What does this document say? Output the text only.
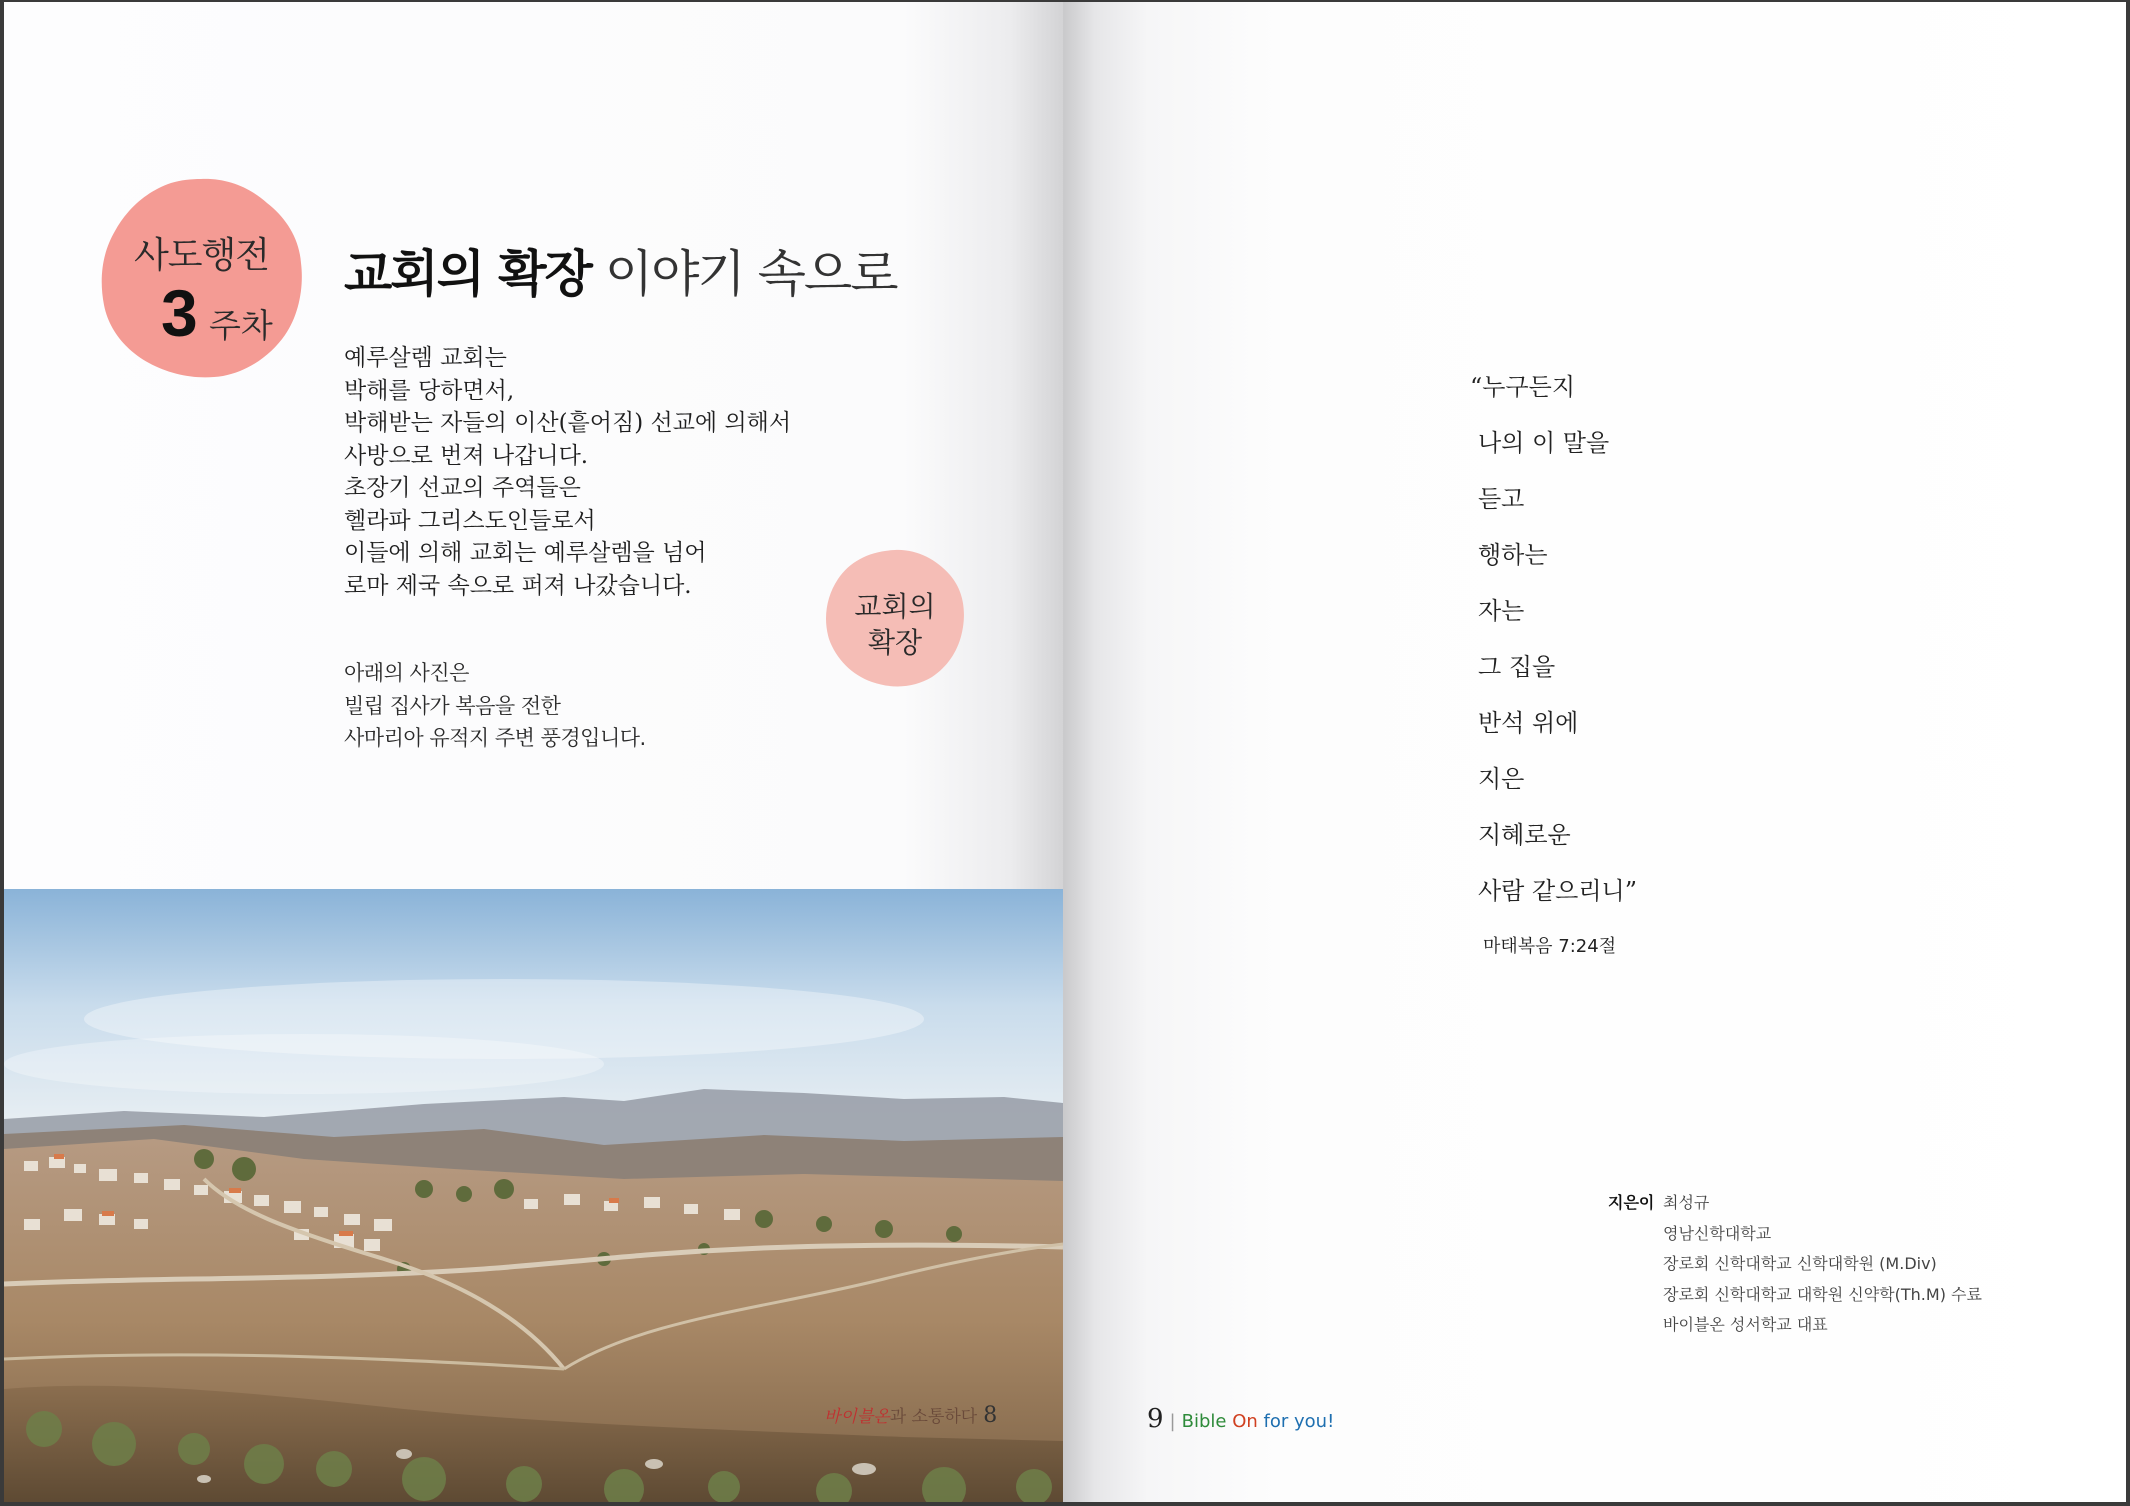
사도행전
3 주차
교회의 확장 이야기 속으로
예루살렘 교회는
박해를 당하면서,
박해받는 자들의 이산(흩어짐) 선교에 의해서
사방으로 번져 나갑니다.
초장기 선교의 주역들은
헬라파 그리스도인들로서
이들에 의해 교회는 예루살렘을 넘어
로마 제국 속으로 퍼져 나갔습니다.
아래의 사진은
빌립 집사가 복음을 전한
사마리아 유적지 주변 풍경입니다.
교회의
확장
바이블온과 소통하다 8
“누구든지
나의 이 말을
듣고
행하는
자는
그 집을
반석 위에
지은
지혜로운
사람 같으리니”
마태복음 7:24절
지은이 최성규
영남신학대학교
장로회 신학대학교 신학대학원 (M.Div)
장로회 신학대학교 대학원 신약학(Th.M) 수료
바이블온 성서학교 대표
9 | Bible On for you!
